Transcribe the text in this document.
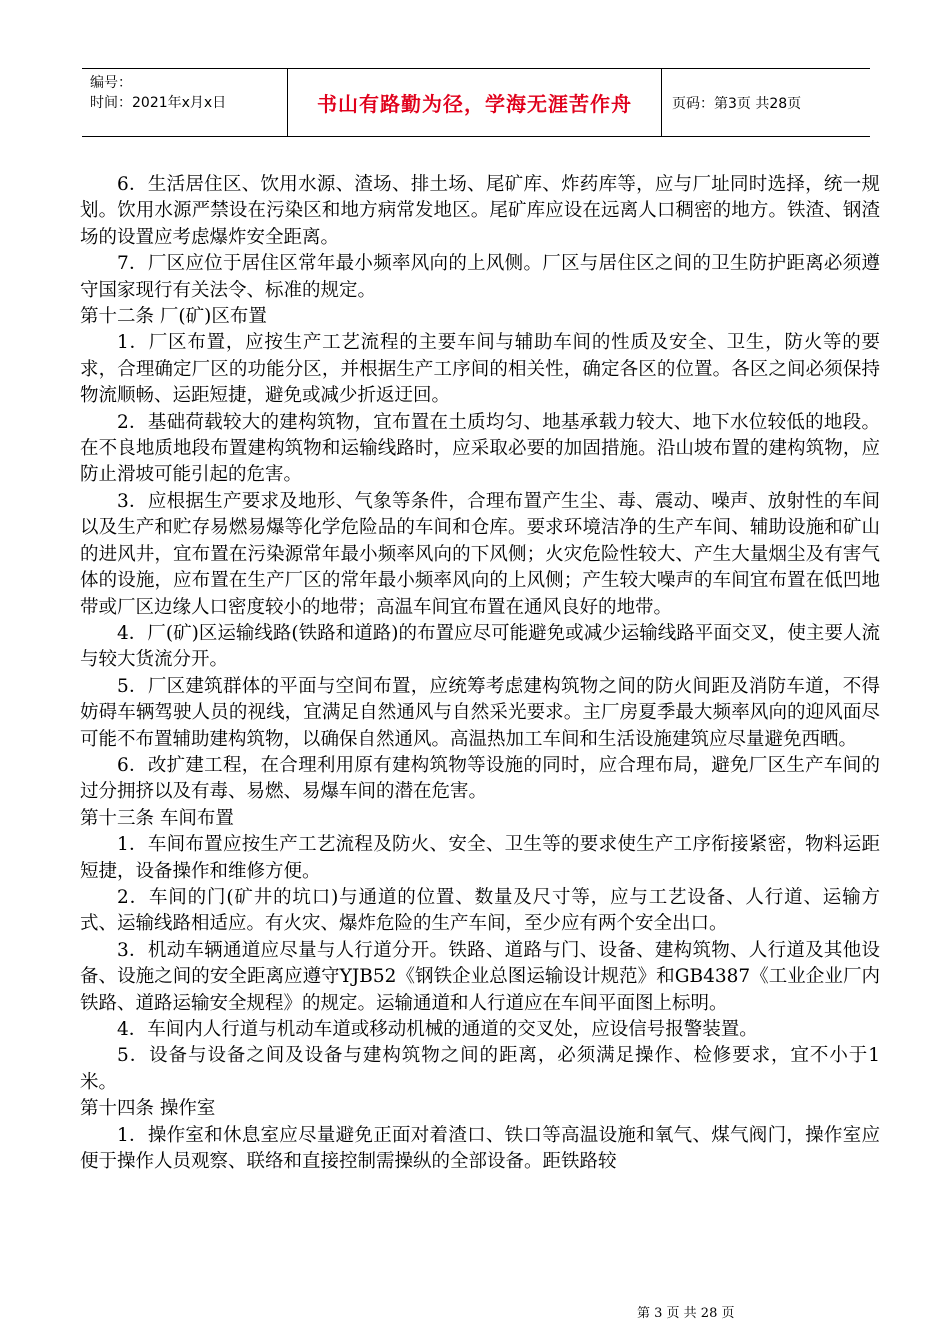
编号：
时间：2021年x月x日	书山有路勤为径，学海无涯苦作舟	页码：第3页 共28页

6．生活居住区、饮用水源、渣场、排土场、尾矿库、炸药库等，应与厂址同时选择，统一规划。饮用水源严禁设在污染区和地方病常发地区。尾矿库应设在远离人口稠密的地方。铁渣、钢渣场的设置应考虑爆炸安全距离。

7．厂区应位于居住区常年最小频率风向的上风侧。厂区与居住区之间的卫生防护距离必须遵守国家现行有关法令、标准的规定。

第十二条 厂(矿)区布置

1．厂区布置，应按生产工艺流程的主要车间与辅助车间的性质及安全、卫生，防火等的要求，合理确定厂区的功能分区，并根据生产工序间的相关性，确定各区的位置。各区之间必须保持物流顺畅、运距短捷，避免或减少折返迂回。

2．基础荷载较大的建构筑物，宜布置在土质均匀、地基承载力较大、地下水位较低的地段。在不良地质地段布置建构筑物和运输线路时，应采取必要的加固措施。沿山坡布置的建构筑物，应防止滑坡可能引起的危害。

3．应根据生产要求及地形、气象等条件，合理布置产生尘、毒、震动、噪声、放射性的车间以及生产和贮存易燃易爆等化学危险品的车间和仓库。要求环境洁净的生产车间、辅助设施和矿山的进风井，宜布置在污染源常年最小频率风向的下风侧；火灾危险性较大、产生大量烟尘及有害气体的设施，应布置在生产厂区的常年最小频率风向的上风侧；产生较大噪声的车间宜布置在低凹地带或厂区边缘人口密度较小的地带；高温车间宜布置在通风良好的地带。

4．厂(矿)区运输线路(铁路和道路)的布置应尽可能避免或减少运输线路平面交叉，使主要人流与较大货流分开。

5．厂区建筑群体的平面与空间布置，应统筹考虑建构筑物之间的防火间距及消防车道，不得妨碍车辆驾驶人员的视线，宜满足自然通风与自然采光要求。主厂房夏季最大频率风向的迎风面尽可能不布置辅助建构筑物，以确保自然通风。高温热加工车间和生活设施建筑应尽量避免西晒。

6．改扩建工程，在合理利用原有建构筑物等设施的同时，应合理布局，避免厂区生产车间的过分拥挤以及有毒、易燃、易爆车间的潜在危害。

第十三条 车间布置

1．车间布置应按生产工艺流程及防火、安全、卫生等的要求使生产工序衔接紧密，物料运距短捷，设备操作和维修方便。

2．车间的门(矿井的坑口)与通道的位置、数量及尺寸等，应与工艺设备、人行道、运输方式、运输线路相适应。有火灾、爆炸危险的生产车间，至少应有两个安全出口。

3．机动车辆通道应尽量与人行道分开。铁路、道路与门、设备、建构筑物、人行道及其他设备、设施之间的安全距离应遵守YJB52《钢铁企业总图运输设计规范》和GB4387《工业企业厂内铁路、道路运输安全规程》的规定。运输通道和人行道应在车间平面图上标明。

4．车间内人行道与机动车道或移动机械的通道的交叉处，应设信号报警装置。

5．设备与设备之间及设备与建构筑物之间的距离，必须满足操作、检修要求，宜不小于1米。

第十四条 操作室

1．操作室和休息室应尽量避免正面对着渣口、铁口等高温设施和氧气、煤气阀门，操作室应便于操作人员观察、联络和直接控制需操纵的全部设备。距铁路较

第 3 页 共 28 页
